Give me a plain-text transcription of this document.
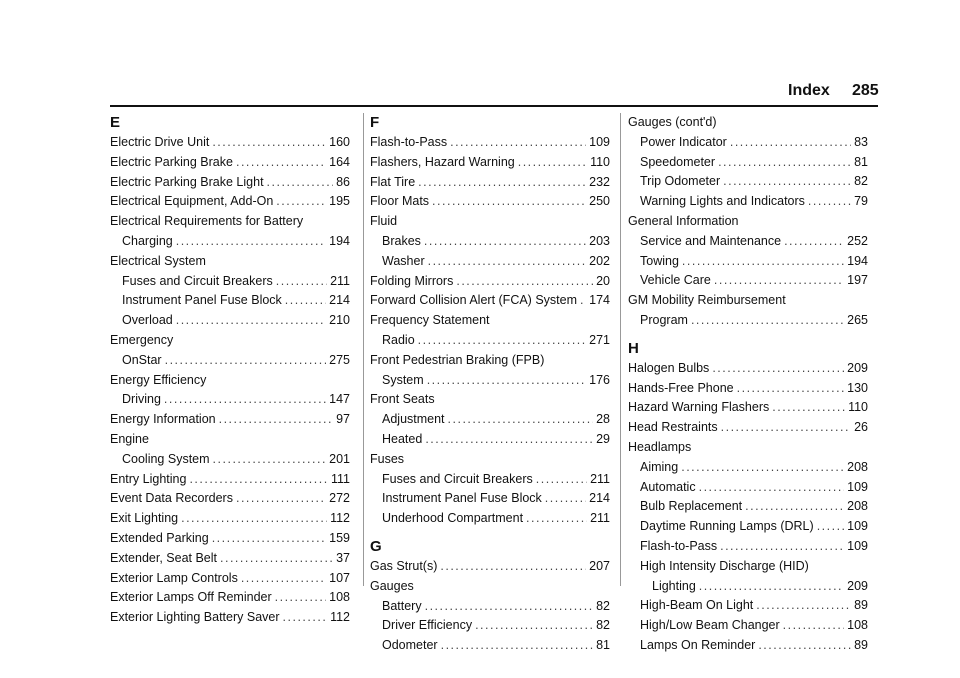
Index 285
E
Electric Drive Unit .....	160
Electric Parking Brake .....	164
Electric Parking Brake Light .....	86
Electrical Equipment, Add-On .....	195
Electrical Requirements for Battery
Charging .....	194
Electrical System
Fuses and Circuit Breakers .....	211
Instrument Panel Fuse Block .....	214
Overload .....	210
Emergency
OnStar .....	275
Energy Efficiency
Driving .....	147
Energy Information .....	97
Engine
Cooling System .....	201
Entry Lighting .....	111
Event Data Recorders .....	272
Exit Lighting .....	112
Extended Parking .....	159
Extender, Seat Belt .....	37
Exterior Lamp Controls .....	107
Exterior Lamps Off Reminder .....	108
Exterior Lighting Battery Saver .....	112
F
Flash-to-Pass .....	109
Flashers, Hazard Warning .....	110
Flat Tire .....	232
Floor Mats .....	250
Fluid
Brakes .....	203
Washer .....	202
Folding Mirrors .....	20
Forward Collision Alert (FCA) System ..... 174
Frequency Statement
Radio .....	271
Front Pedestrian Braking (FPB)
System .....	176
Front Seats
Adjustment .....	28
Heated .....	29
Fuses
Fuses and Circuit Breakers .....	211
Instrument Panel Fuse Block .....	214
Underhood Compartment .....	211
G
Gas Strut(s) .....	207
Gauges
Battery .....	82
Driver Efficiency .....	82
Odometer .....	81
Gauges (cont'd)
Power Indicator .....	83
Speedometer .....	81
Trip Odometer .....	82
Warning Lights and Indicators .....	79
General Information
Service and Maintenance .....	252
Towing .....	194
Vehicle Care .....	197
GM Mobility Reimbursement
Program .....	265
H
Halogen Bulbs .....	209
Hands-Free Phone .....	130
Hazard Warning Flashers .....	110
Head Restraints .....	26
Headlamps
Aiming .....	208
Automatic .....	109
Bulb Replacement .....	208
Daytime Running Lamps (DRL) .....	109
Flash-to-Pass .....	109
High Intensity Discharge (HID)
Lighting .....	209
High-Beam On Light .....	89
High/Low Beam Changer .....	108
Lamps On Reminder .....	89
